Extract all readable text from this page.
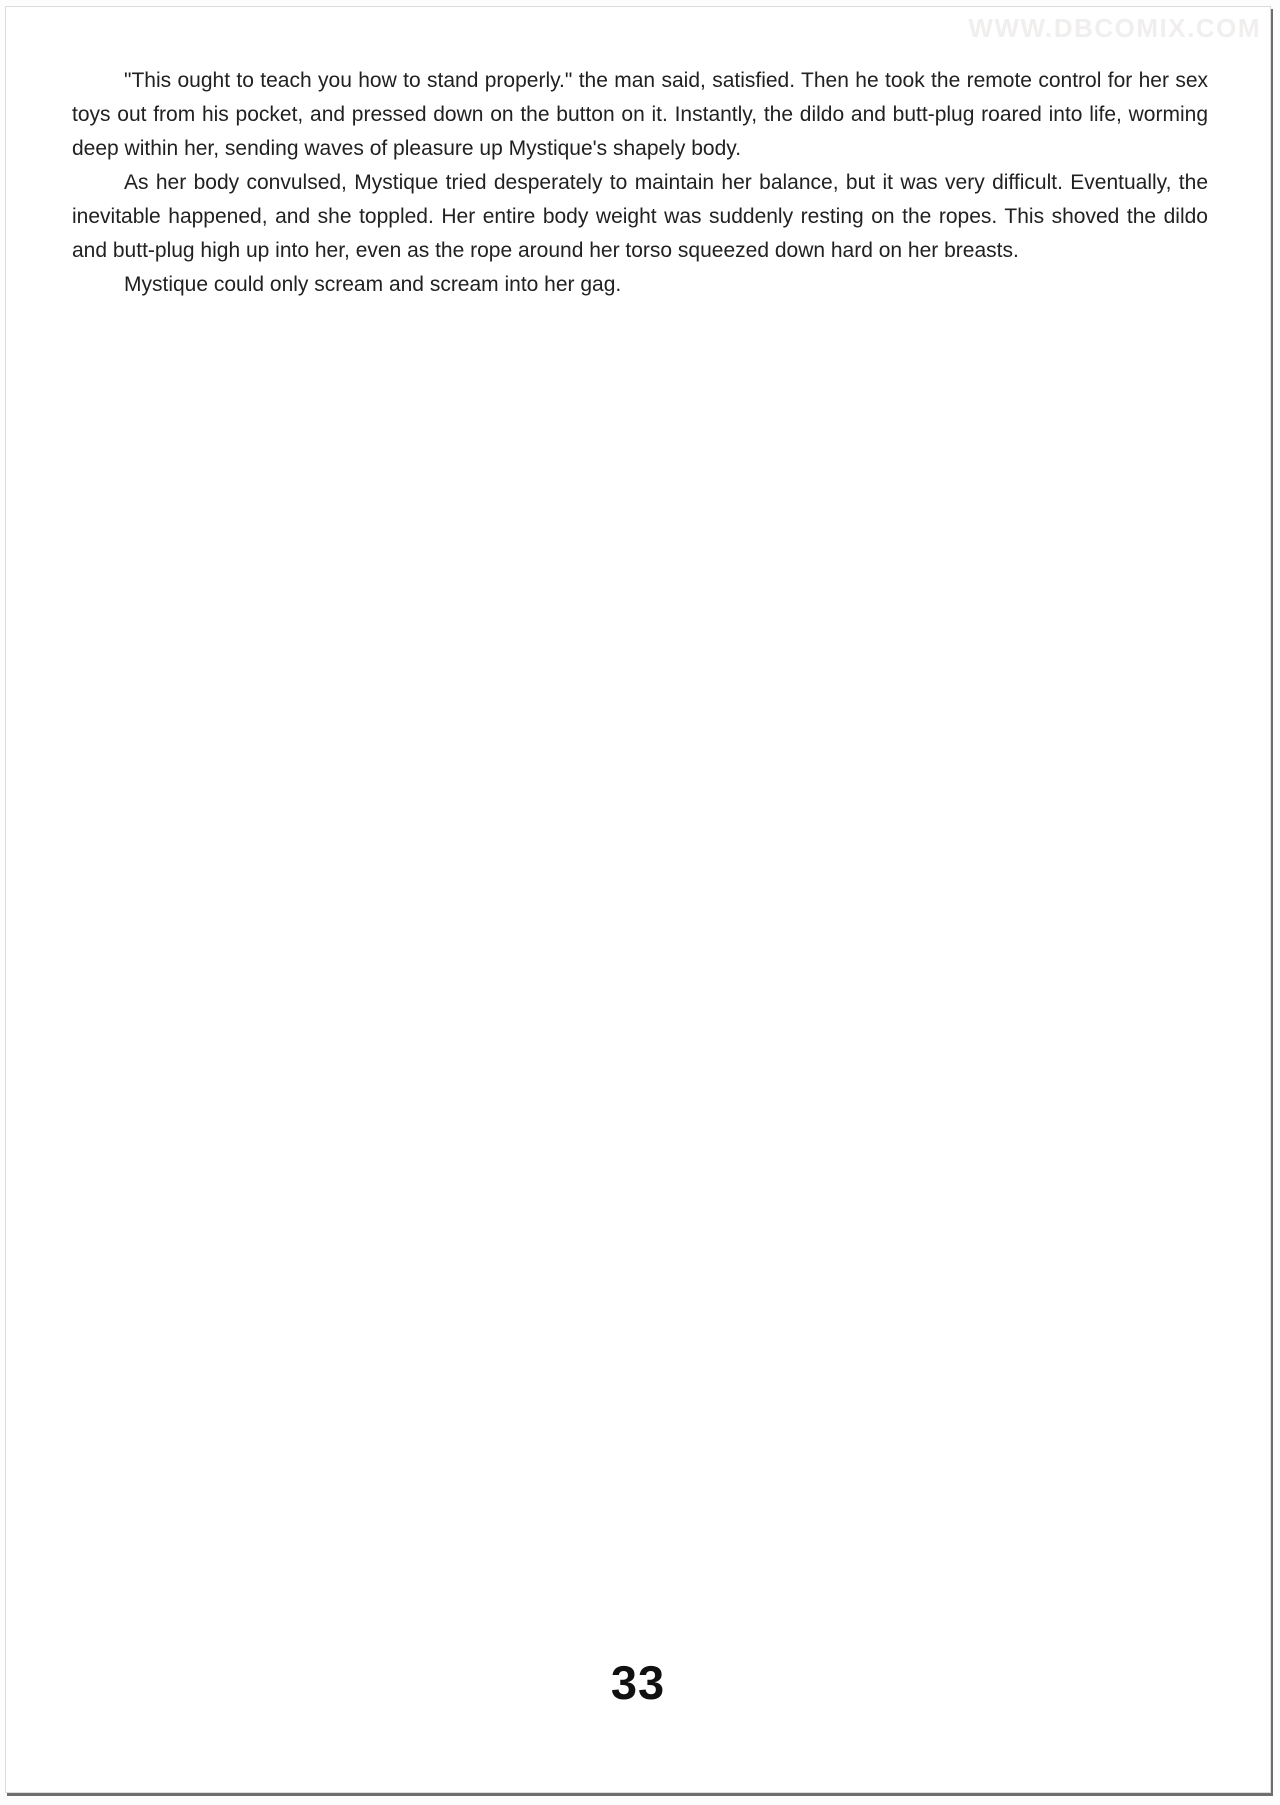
WWW.DBCOMIX.COM

"This ought to teach you how to stand properly." the man said, satisfied. Then he took the remote control for her sex toys out from his pocket, and pressed down on the button on it. Instantly, the dildo and butt-plug roared into life, worming deep within her, sending waves of pleasure up Mystique's shapely body.

As her body convulsed, Mystique tried desperately to maintain her balance, but it was very difficult. Eventually, the inevitable happened, and she toppled. Her entire body weight was suddenly resting on the ropes. This shoved the dildo and butt-plug high up into her, even as the rope around her torso squeezed down hard on her breasts.

Mystique could only scream and scream into her gag.

33
